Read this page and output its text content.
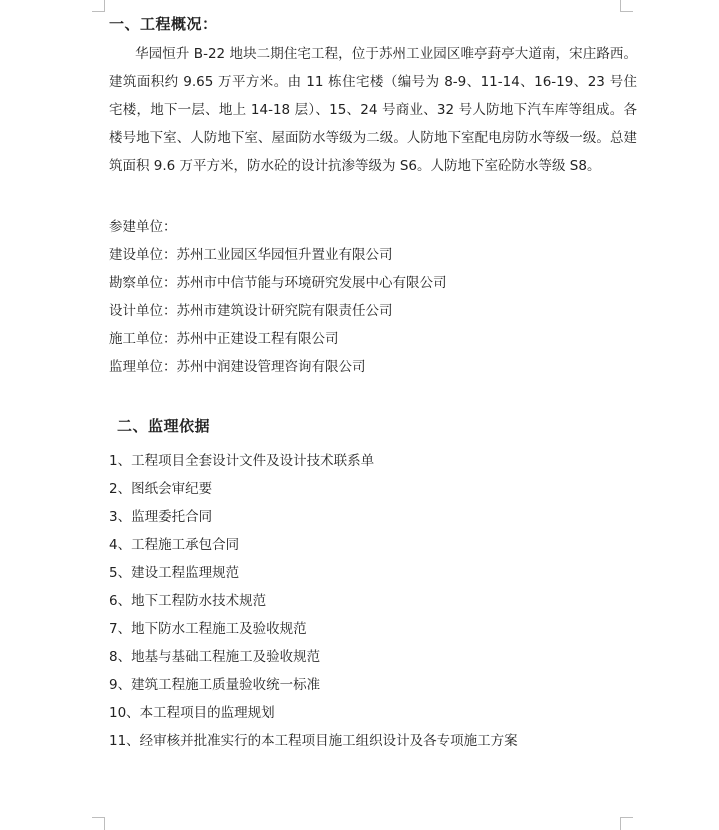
一、工程概况：
华园恒升 B-22 地块二期住宅工程，位于苏州工业园区唯亭葑亭大道南，宋庄路西。建筑面积约 9.65 万平方米。由 11 栋住宅楼（编号为 8-9、11-14、16-19、23 号住宅楼，地下一层、地上 14-18 层）、15、24 号商业、32 号人防地下汽车库等组成。各楼号地下室、人防地下室、屋面防水等级为二级。人防地下室配电房防水等级一级。总建筑面积 9.6 万平方米，防水砼的设计抗渗等级为 S6。人防地下室砼防水等级 S8。
参建单位：
建设单位：苏州工业园区华园恒升置业有限公司
勘察单位：苏州市中信节能与环境研究发展中心有限公司
设计单位：苏州市建筑设计研究院有限责任公司
施工单位：苏州中正建设工程有限公司
监理单位：苏州中润建设管理咨询有限公司
二、监理依据
1、工程项目全套设计文件及设计技术联系单
2、图纸会审纪要
3、监理委托合同
4、工程施工承包合同
5、建设工程监理规范
6、地下工程防水技术规范
7、地下防水工程施工及验收规范
8、地基与基础工程施工及验收规范
9、建筑工程施工质量验收统一标准
10、本工程项目的监理规划
11、经审核并批准实行的本工程项目施工组织设计及各专项施工方案
